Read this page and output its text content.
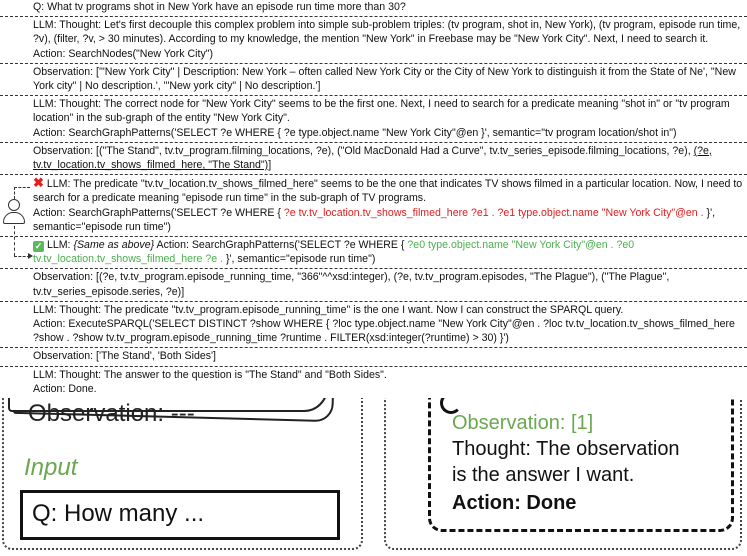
Observation: ---
Input
Q: How many ...
Observation: [1]
Thought: The observation
is the answer I want.
Action: Done
Q: What tv programs shot in New York have an episode run time more than 30?
LLM: Thought: Let's first decouple this complex problem into simple sub-problem triples: (tv program, shot in, New York), (tv program, episode run time, ?v), (filter, ?v, > 30 minutes). According to my knowledge, the mention "New York" in Freebase may be "New York City". Next, I need to search it.
Action: SearchNodes("New York City")
Observation: ['"New York City" | Description: New York – often called New York City or the City of New York to distinguish it from the State of Ne', "New York city" | No description.', '"New york city" | No description.']
LLM: Thought: The correct node for "New York City" seems to be the first one. Next, I need to search for a predicate meaning "shot in" or "tv program location" in the sub-graph of the entity "New York City".
Action: SearchGraphPatterns('SELECT ?e WHERE { ?e type.object.name "New York City"@en }', semantic="tv program location/shot in")
Observation: [("The Stand", tv.tv_program.filming_locations, ?e), ("Old MacDonald Had a Curve", tv.tv_series_episode.filming_locations, ?e), (?e, tv.tv_location.tv_shows_filmed_here, "The Stand")]
✖ LLM: The predicate "tv.tv_location.tv_shows_filmed_here" seems to be the one that indicates TV shows filmed in a particular location. Now, I need to search for a predicate meaning "episode run time" in the sub-graph of TV programs.
Action: SearchGraphPatterns('SELECT ?e WHERE { ?e tv.tv_location.tv_shows_filmed_here ?e1 . ?e1 type.object.name "New York City"@en . }', semantic="episode run time")
✓ LLM: {Same as above} Action: SearchGraphPatterns('SELECT ?e WHERE { ?e0 type.object.name "New York City"@en . ?e0 tv.tv_location.tv_shows_filmed_here ?e . }', semantic="episode run time")
Observation: [(?e, tv.tv_program.episode_running_time, "366"^^xsd:integer), (?e, tv.tv_program.episodes, "The Plague"), ("The Plague", tv.tv_series_episode.series, ?e)]
LLM: Thought: The predicate "tv.tv_program.episode_running_time" is the one I want. Now I can construct the SPARQL query.
Action: ExecuteSPARQL('SELECT DISTINCT ?show WHERE { ?loc type.object.name "New York City"@en . ?loc tv.tv_location.tv_shows_filmed_here ?show . ?show tv.tv_program.episode_running_time ?runtime . FILTER(xsd:integer(?runtime) > 30) }')
Observation: ['The Stand', 'Both Sides']
LLM: Thought: The answer to the question is "The Stand" and "Both Sides".
Action: Done.
